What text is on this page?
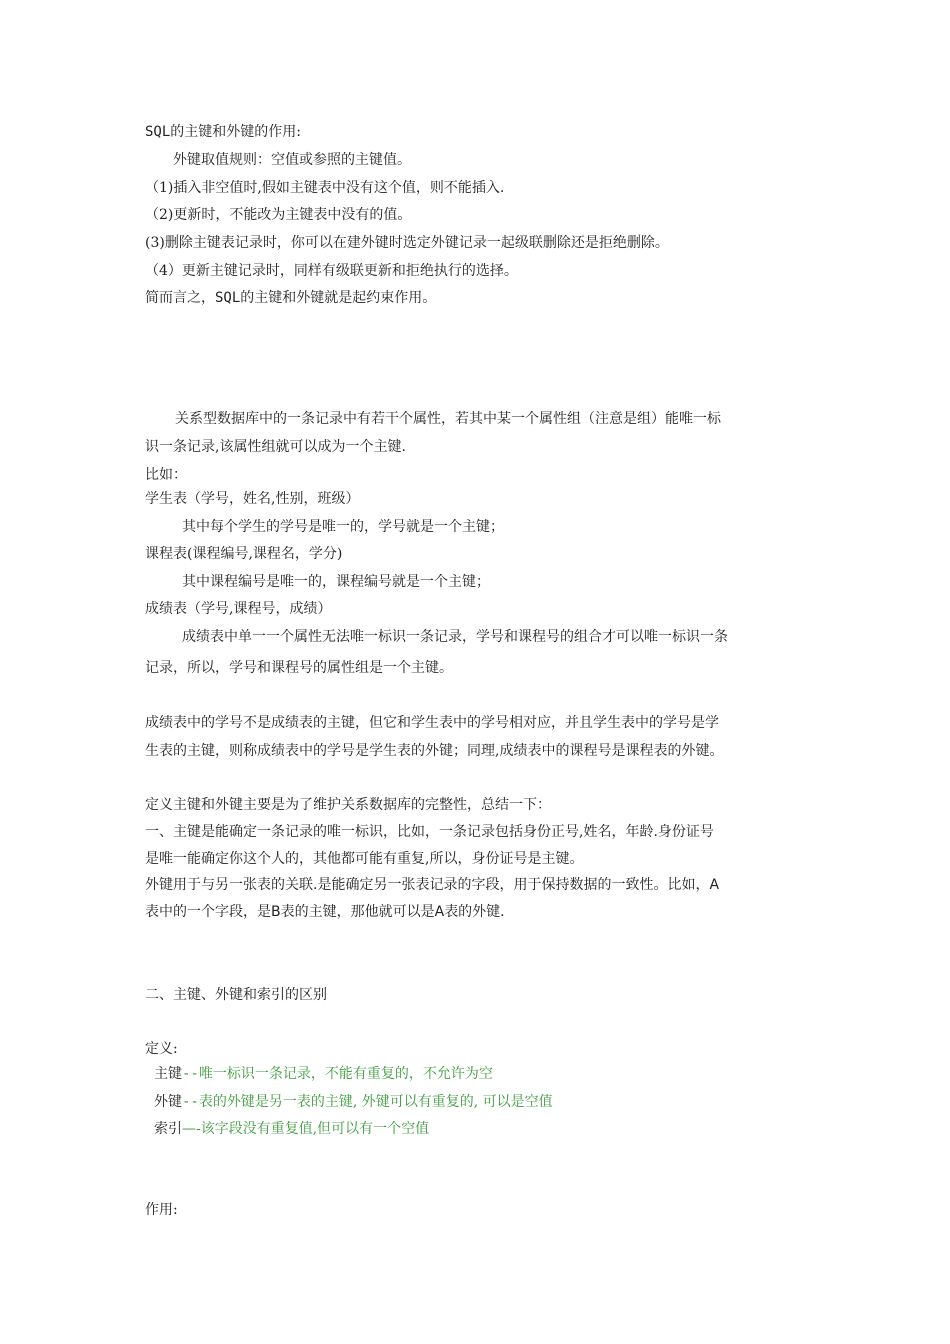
SQL的主键和外键的作用:
外键取值规则：空值或参照的主键值。
（1)插入非空值时,假如主键表中没有这个值，则不能插入.
（2)更新时，不能改为主键表中没有的值。
(3)删除主键表记录时，你可以在建外键时选定外键记录一起级联删除还是拒绝删除。
（4）更新主键记录时，同样有级联更新和拒绝执行的选择。
简而言之，SQL的主键和外键就是起约束作用。
关系型数据库中的一条记录中有若干个属性，若其中某一个属性组（注意是组）能唯一标
识一条记录,该属性组就可以成为一个主键.
比如：
学生表（学号，姓名,性别，班级）
其中每个学生的学号是唯一的，学号就是一个主键；
课程表(课程编号,课程名，学分)
其中课程编号是唯一的，课程编号就是一个主键；
成绩表（学号,课程号，成绩）
成绩表中单一一个属性无法唯一标识一条记录，学号和课程号的组合才可以唯一标识一条
记录，所以，学号和课程号的属性组是一个主键。
成绩表中的学号不是成绩表的主键，但它和学生表中的学号相对应，并且学生表中的学号是学
生表的主键，则称成绩表中的学号是学生表的外键；同理,成绩表中的课程号是课程表的外键。
定义主键和外键主要是为了维护关系数据库的完整性，总结一下：
一、主键是能确定一条记录的唯一标识，比如，一条记录包括身份正号,姓名，年龄.身份证号
是唯一能确定你这个人的，其他都可能有重复,所以，身份证号是主键。
外键用于与另一张表的关联.是能确定另一张表记录的字段，用于保持数据的一致性。比如，A
表中的一个字段，是B表的主键，那他就可以是A表的外键.
二、主键、外键和索引的区别
定义:
主键--唯一标识一条记录，不能有重复的，不允许为空
外键--表的外键是另一表的主键, 外键可以有重复的, 可以是空值
索引—-该字段没有重复值,但可以有一个空值
作用:
